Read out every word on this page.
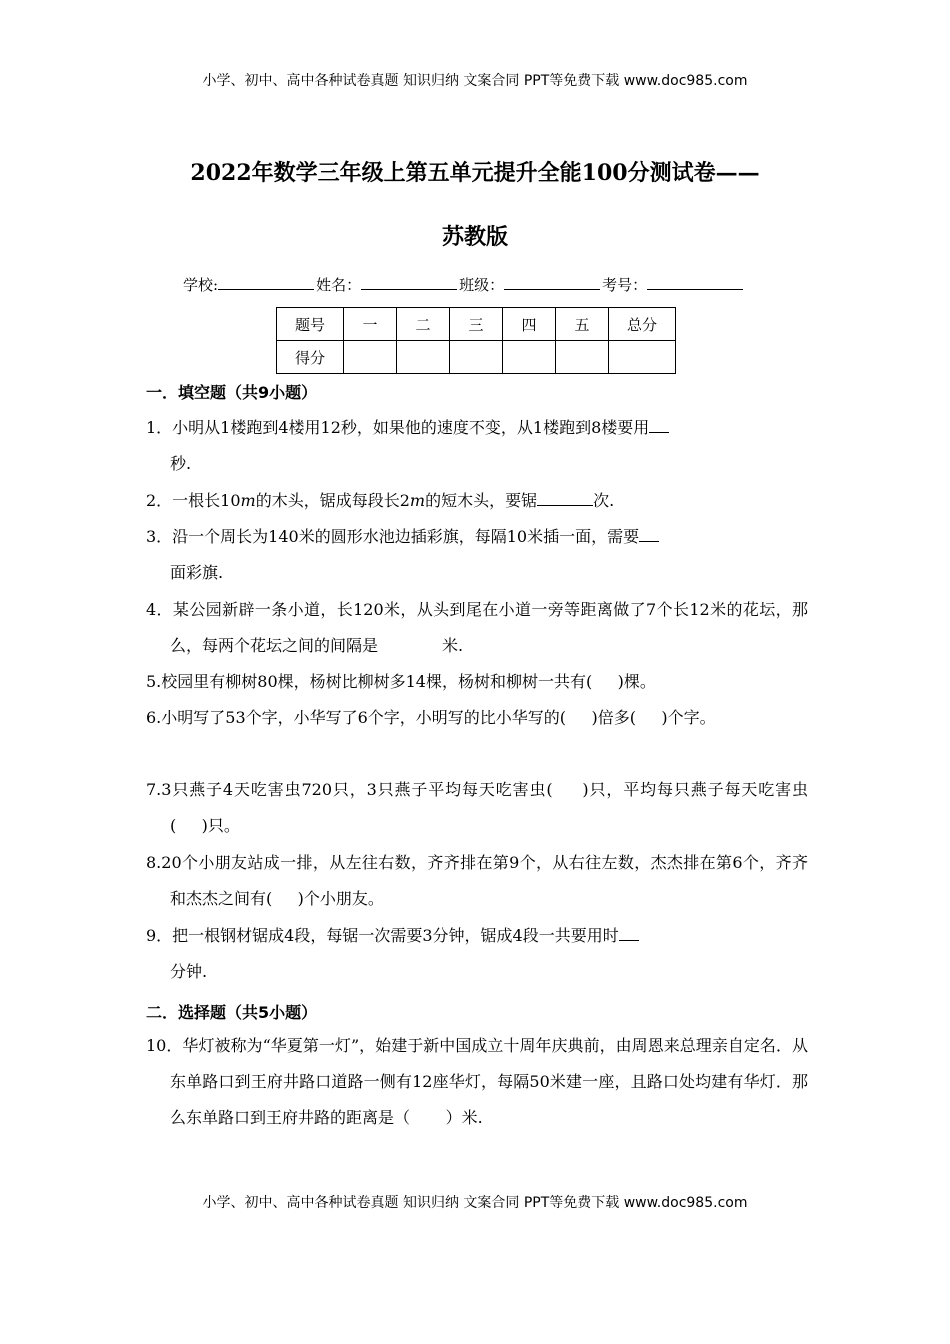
小学、初中、高中各种试卷真题 知识归纳 文案合同 PPT等免费下载 www.doc985.com
2022年数学三年级上第五单元提升全能100分测试卷——
苏教版
学校:	姓名：	班级：	考号：
题号	一	二	三	四	五	总分
得分						
一．填空题（共9小题）
1．小明从1楼跑到4楼用12秒，如果他的速度不变，从1楼跑到8楼要用
秒.
2．一根长10m的木头，锯成每段长2m的短木头，要锯	次.
3．沿一个周长为140米的圆形水池边插彩旗，每隔10米插一面，需要
面彩旗.
4．某公园新辟一条小道，长120米，从头到尾在小道一旁等距离做了7个长12米的花坛，那么，每两个花坛之间的间隔是	米.
5.校园里有柳树80棵，杨树比柳树多14棵，杨树和柳树一共有(     )棵。
6.小明写了53个字，小华写了6个字，小明写的比小华写的(     )倍多(     )个字。
7.3只燕子4天吃害虫720只，3只燕子平均每天吃害虫(     )只，平均每只燕子每天吃害虫(     )只。
8.20个小朋友站成一排，从左往右数，齐齐排在第9个，从右往左数，杰杰排在第6个，齐齐和杰杰之间有(     )个小朋友。
9．把一根钢材锯成4段，每锯一次需要3分钟，锯成4段一共要用时
分钟.
二．选择题（共5小题）
10．华灯被称为“华夏第一灯”，始建于新中国成立十周年庆典前，由周恩来总理亲自定名．从东单路口到王府井路口道路一侧有12座华灯，每隔50米建一座，且路口处均建有华灯．那么东单路口到王府井路的距离是（       ）米.
小学、初中、高中各种试卷真题 知识归纳 文案合同 PPT等免费下载 www.doc985.com
